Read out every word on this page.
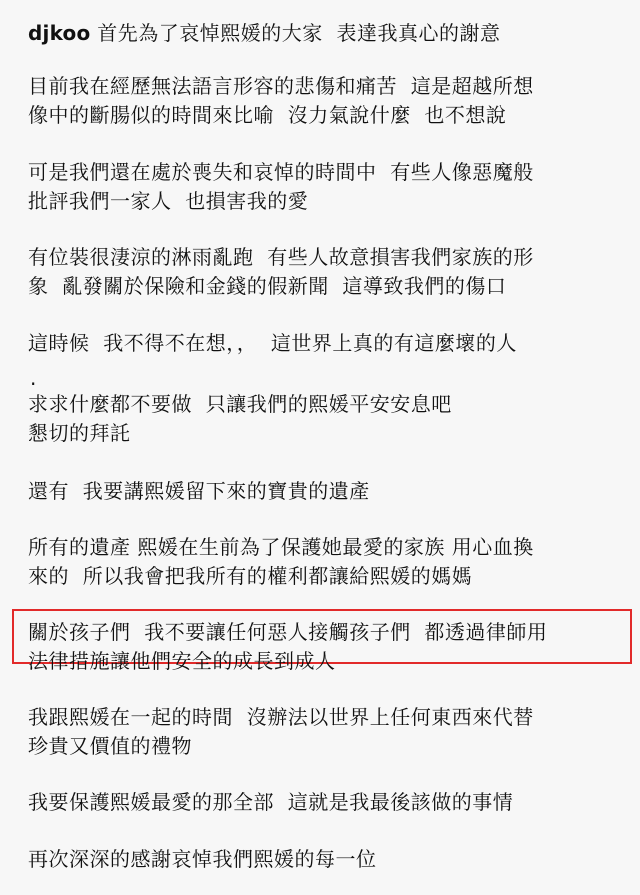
djkoo 首先為了哀悼熙媛的大家  表達我真心的謝意

目前我在經歷無法語言形容的悲傷和痛苦  這是超越所想
像中的斷腸似的時間來比喻  沒力氣說什麼  也不想說

可是我們還在處於喪失和哀悼的時間中  有些人像惡魔般
批評我們一家人  也損害我的愛

有位裝很淒涼的淋雨亂跑  有些人故意損害我們家族的形
象  亂發關於保險和金錢的假新聞  這導致我們的傷口

這時候  我不得不在想，，  這世界上真的有這麼壞的人

.

求求什麼都不要做  只讓我們的熙媛平安安息吧
懇切的拜託

還有  我要講熙媛留下來的寶貴的遺產

所有的遺產 熙媛在生前為了保護她最愛的家族 用心血換
來的  所以我會把我所有的權利都讓給熙媛的媽媽

關於孩子們  我不要讓任何惡人接觸孩子們  都透過律師用
法律措施讓他們安全的成長到成人

我跟熙媛在一起的時間  沒辦法以世界上任何東西來代替
珍貴又價值的禮物

我要保護熙媛最愛的那全部  這就是我最後該做的事情

再次深深的感謝哀悼我們熙媛的每一位
